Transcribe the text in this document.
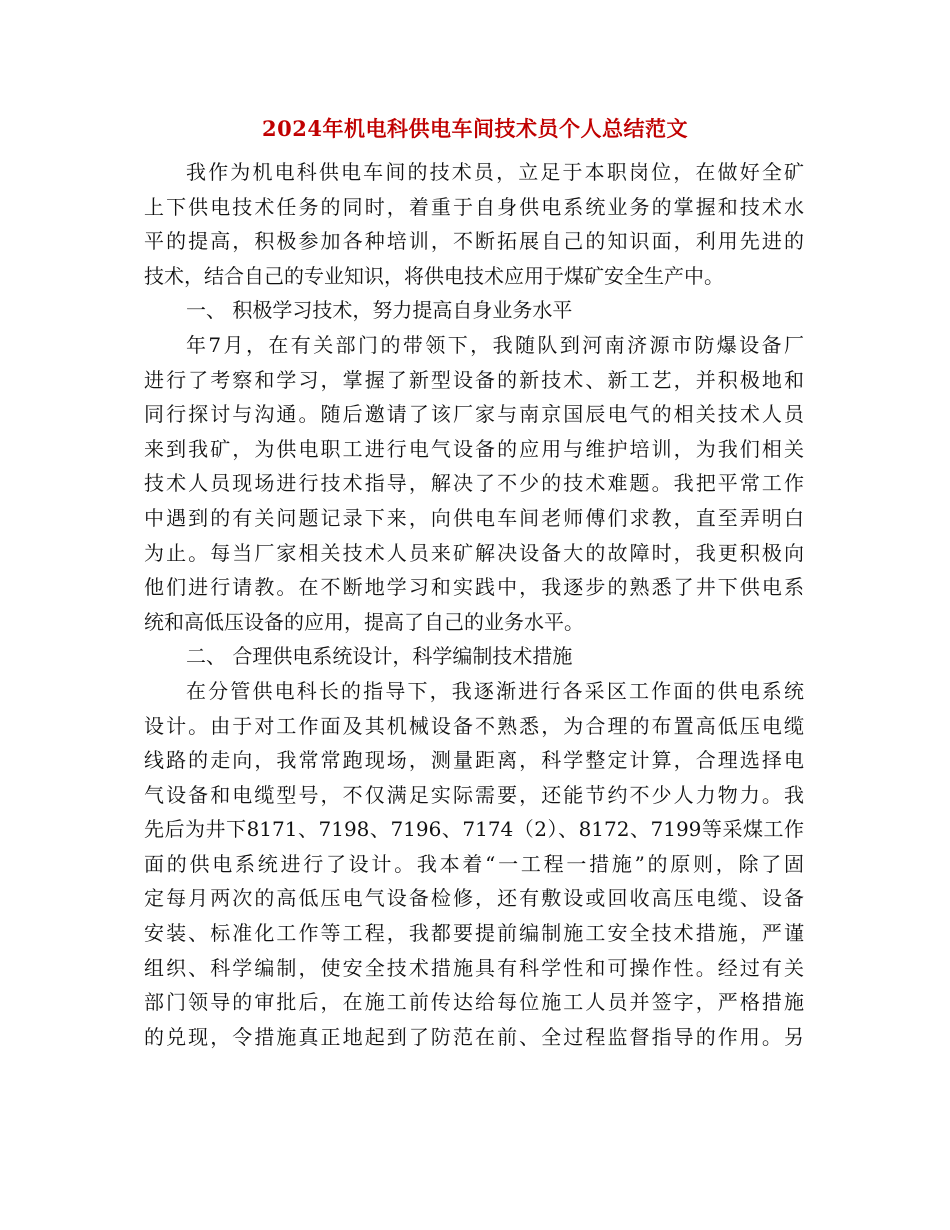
2024年机电科供电车间技术员个人总结范文
我作为机电科供电车间的技术员，立足于本职岗位，在做好全矿
上下供电技术任务的同时，着重于自身供电系统业务的掌握和技术水
平的提高，积极参加各种培训，不断拓展自己的知识面，利用先进的
技术，结合自己的专业知识，将供电技术应用于煤矿安全生产中。
一、 积极学习技术，努力提高自身业务水平
年7月，在有关部门的带领下，我随队到河南济源市防爆设备厂
进行了考察和学习，掌握了新型设备的新技术、新工艺，并积极地和
同行探讨与沟通。随后邀请了该厂家与南京国辰电气的相关技术人员
来到我矿，为供电职工进行电气设备的应用与维护培训，为我们相关
技术人员现场进行技术指导，解决了不少的技术难题。我把平常工作
中遇到的有关问题记录下来，向供电车间老师傅们求教，直至弄明白
为止。每当厂家相关技术人员来矿解决设备大的故障时，我更积极向
他们进行请教。在不断地学习和实践中，我逐步的熟悉了井下供电系
统和高低压设备的应用，提高了自己的业务水平。
二、 合理供电系统设计，科学编制技术措施
在分管供电科长的指导下，我逐渐进行各采区工作面的供电系统
设计。由于对工作面及其机械设备不熟悉，为合理的布置高低压电缆
线路的走向，我常常跑现场，测量距离，科学整定计算，合理选择电
气设备和电缆型号，不仅满足实际需要，还能节约不少人力物力。我
先后为井下8171、7198、7196、7174（2）、8172、7199等采煤工作
面的供电系统进行了设计。我本着“一工程一措施”的原则，除了固
定每月两次的高低压电气设备检修，还有敷设或回收高压电缆、设备
安装、标准化工作等工程，我都要提前编制施工安全技术措施，严谨
组织、科学编制，使安全技术措施具有科学性和可操作性。经过有关
部门领导的审批后，在施工前传达给每位施工人员并签字，严格措施
的兑现，令措施真正地起到了防范在前、全过程监督指导的作用。另
